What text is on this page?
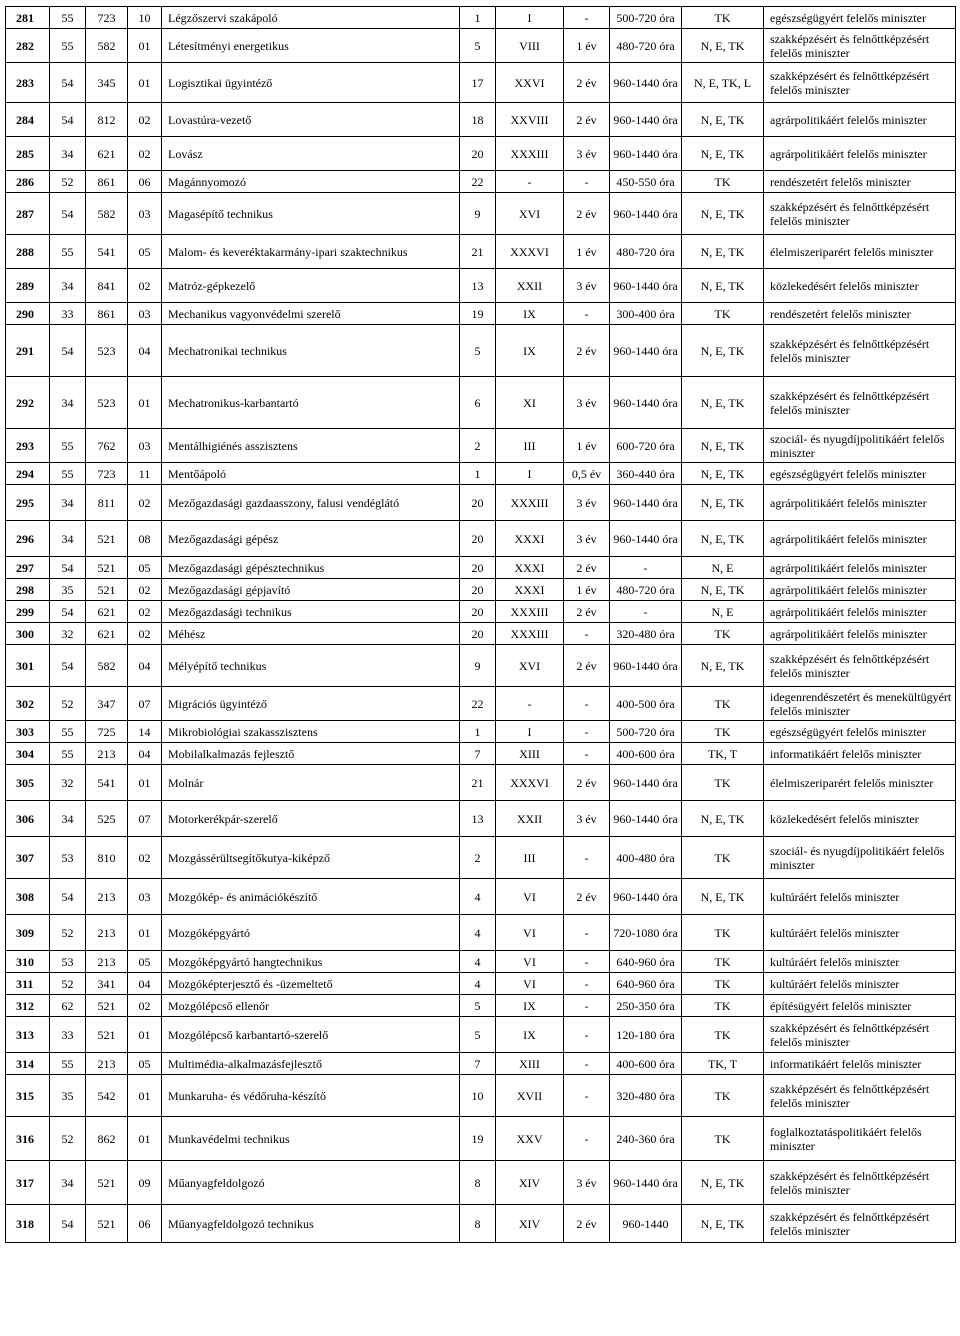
281	55	723	10	Légzőszervi szakápoló	1	I	-	500-720 óra	TK	egészségügyért felelős miniszter
282	55	582	01	Létesítményi energetikus	5	VIII	1 év	480-720 óra	N, E, TK	szakképzésért és felnőttképzésért felelős miniszter
283	54	345	01	Logisztikai ügyintéző	17	XXVI	2 év	960-1440 óra	N, E, TK, L	szakképzésért és felnőttképzésért felelős miniszter
284	54	812	02	Lovastúra-vezető	18	XXVIII	2 év	960-1440 óra	N, E, TK	agrárpolitikáért felelős miniszter
285	34	621	02	Lovász	20	XXXIII	3 év	960-1440 óra	N, E, TK	agrárpolitikáért felelős miniszter
286	52	861	06	Magánnyomozó	22	-	-	450-550 óra	TK	rendészetért felelős miniszter
287	54	582	03	Magasépítő technikus	9	XVI	2 év	960-1440 óra	N, E, TK	szakképzésért és felnőttképzésért felelős miniszter
288	55	541	05	Malom- és keveréktakarmány-ipari szaktechnikus	21	XXXVI	1 év	480-720 óra	N, E, TK	élelmiszeriparért felelős miniszter
289	34	841	02	Matróz-gépkezelő	13	XXII	3 év	960-1440 óra	N, E, TK	közlekedésért felelős miniszter
290	33	861	03	Mechanikus vagyonvédelmi szerelő	19	IX	-	300-400 óra	TK	rendészetért felelős miniszter
291	54	523	04	Mechatronikai technikus	5	IX	2 év	960-1440 óra	N, E, TK	szakképzésért és felnőttképzésért felelős miniszter
292	34	523	01	Mechatronikus-karbantartó	6	XI	3 év	960-1440 óra	N, E, TK	szakképzésért és felnőttképzésért felelős miniszter
293	55	762	03	Mentálhigiénés asszisztens	2	III	1 év	600-720 óra	N, E, TK	szociál- és nyugdíjpolitikáért felelős miniszter
294	55	723	11	Mentőápoló	1	I	0,5 év	360-440 óra	N, E, TK	egészségügyért felelős miniszter
295	34	811	02	Mezőgazdasági gazdaasszony, falusi vendéglátó	20	XXXIII	3 év	960-1440 óra	N, E, TK	agrárpolitikáért felelős miniszter
296	34	521	08	Mezőgazdasági gépész	20	XXXI	3 év	960-1440 óra	N, E, TK	agrárpolitikáért felelős miniszter
297	54	521	05	Mezőgazdasági gépésztechnikus	20	XXXI	2 év	-	N, E	agrárpolitikáért felelős miniszter
298	35	521	02	Mezőgazdasági gépjavító	20	XXXI	1 év	480-720 óra	N, E, TK	agrárpolitikáért felelős miniszter
299	54	621	02	Mezőgazdasági technikus	20	XXXIII	2 év	-	N, E	agrárpolitikáért felelős miniszter
300	32	621	02	Méhész	20	XXXIII	-	320-480 óra	TK	agrárpolitikáért felelős miniszter
301	54	582	04	Mélyépítő technikus	9	XVI	2 év	960-1440 óra	N, E, TK	szakképzésért és felnőttképzésért felelős miniszter
302	52	347	07	Migrációs ügyintéző	22	-	-	400-500 óra	TK	idegenrendészetért és menekültügyért felelős miniszter
303	55	725	14	Mikrobiológiai szakasszisztens	1	I	-	500-720 óra	TK	egészségügyért felelős miniszter
304	55	213	04	Mobilalkalmazás fejlesztő	7	XIII	-	400-600 óra	TK, T	informatikáért felelős miniszter
305	32	541	01	Molnár	21	XXXVI	2 év	960-1440 óra	TK	élelmiszeriparért felelős miniszter
306	34	525	07	Motorkerékpár-szerelő	13	XXII	3 év	960-1440 óra	N, E, TK	közlekedésért felelős miniszter
307	53	810	02	Mozgássérültsegítőkutya-kiképző	2	III	-	400-480 óra	TK	szociál- és nyugdíjpolitikáért felelős miniszter
308	54	213	03	Mozgókép- és animációkészítő	4	VI	2 év	960-1440 óra	N, E, TK	kultúráért felelős miniszter
309	52	213	01	Mozgóképgyártó	4	VI	-	720-1080 óra	TK	kultúráért felelős miniszter
310	53	213	05	Mozgóképgyártó hangtechnikus	4	VI	-	640-960 óra	TK	kultúráért felelős miniszter
311	52	341	04	Mozgóképterjesztő és -üzemeltető	4	VI	-	640-960 óra	TK	kultúráért felelős miniszter
312	62	521	02	Mozgólépcső ellenőr	5	IX	-	250-350 óra	TK	építésügyért felelős miniszter
313	33	521	01	Mozgólépcső karbantartó-szerelő	5	IX	-	120-180 óra	TK	szakképzésért és felnőttképzésért felelős miniszter
314	55	213	05	Multimédia-alkalmazásfejlesztő	7	XIII	-	400-600 óra	TK, T	informatikáért felelős miniszter
315	35	542	01	Munkaruha- és védőruha-készítő	10	XVII	-	320-480 óra	TK	szakképzésért és felnőttképzésért felelős miniszter
316	52	862	01	Munkavédelmi technikus	19	XXV	-	240-360 óra	TK	foglalkoztatáspolitikáért felelős miniszter
317	34	521	09	Műanyagfeldolgozó	8	XIV	3 év	960-1440 óra	N, E, TK	szakképzésért és felnőttképzésért felelős miniszter
318	54	521	06	Műanyagfeldolgozó technikus	8	XIV	2 év	960-1440	N, E, TK	szakképzésért és felnőttképzésért felelős miniszter
